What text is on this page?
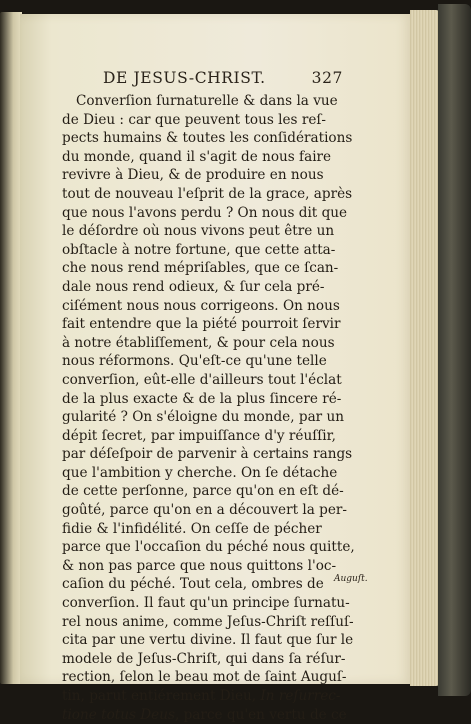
DE JESUS-CHRIST.	327
Converſion ſurnaturelle & dans la vue
de Dieu : car que peuvent tous les reſ-
pects humains & toutes les conſidérations
du monde, quand il s'agit de nous faire
revivre à Dieu, & de produire en nous
tout de nouveau l'eſprit de la grace, après
que nous l'avons perdu ? On nous dit que
le déſordre où nous vivons peut être un
obſtacle à notre fortune, que cette atta-
che nous rend mépriſables, que ce ſcan-
dale nous rend odieux, & ſur cela pré-
ciſément nous nous corrigeons. On nous
fait entendre que la piété pourroit ſervir
à notre établiſſement, & pour cela nous
nous réformons. Qu'eſt-ce qu'une telle
converſion, eût-elle d'ailleurs tout l'éclat
de la plus exacte & de la plus ſincere ré-
gularité ? On s'éloigne du monde, par un
dépit ſecret, par impuiſſance d'y réuſſir,
par déſeſpoir de parvenir à certains rangs
que l'ambition y cherche. On ſe détache
de cette perſonne, parce qu'on en eſt dé-
goûté, parce qu'on en a découvert la per-
fidie & l'infidélité. On ceſſe de pécher
parce que l'occaſion du péché nous quitte,
& non pas parce que nous quittons l'oc-
caſion du péché. Tout cela, ombres de
converſion. Il faut qu'un principe ſurnatu-
rel nous anime, comme Jeſus-Chriſt reſſuſ-
cita par une vertu divine. Il faut que ſur le
modele de Jeſus-Chriſt, qui dans ſa réſur-
rection, ſelon le beau mot de ſaint Auguſ-
tin, parut entiérement Dieu, In reſurrec-
tione totus Deus, parce qu'en vertu de ce
Auguſt.
